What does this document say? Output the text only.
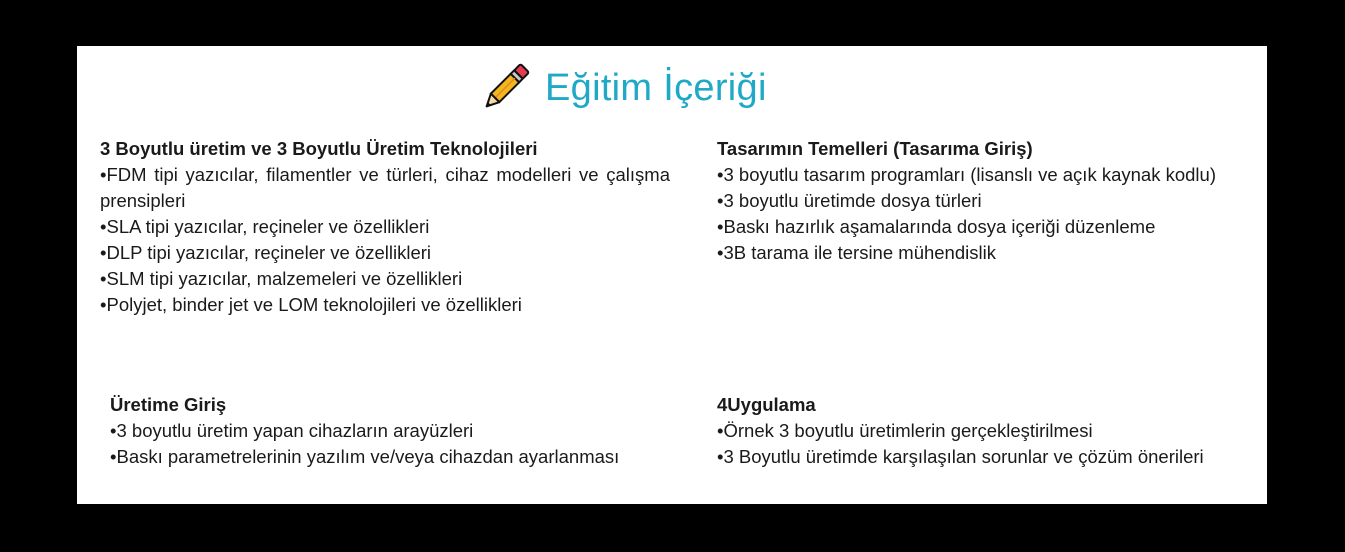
Eğitim İçeriği
3 Boyutlu üretim ve 3 Boyutlu Üretim Teknolojileri
•FDM tipi yazıcılar, filamentler ve türleri, cihaz modelleri ve çalışma prensipleri
•SLA tipi yazıcılar, reçineler ve özellikleri
•DLP tipi yazıcılar, reçineler ve özellikleri
•SLM tipi yazıcılar, malzemeleri ve özellikleri
•Polyjet, binder jet ve LOM teknolojileri ve özellikleri
Tasarımın Temelleri (Tasarıma Giriş)
•3 boyutlu tasarım programları (lisanslı ve açık kaynak kodlu)
•3 boyutlu üretimde dosya türleri
•Baskı hazırlık aşamalarında dosya içeriği düzenleme
•3B tarama ile tersine mühendislik
Üretime Giriş
•3 boyutlu üretim yapan cihazların arayüzleri
•Baskı parametrelerinin yazılım ve/veya cihazdan ayarlanması
4Uygulama
•Örnek 3 boyutlu üretimlerin gerçekleştirilmesi
•3 Boyutlu üretimde karşılaşılan sorunlar ve çözüm önerileri
